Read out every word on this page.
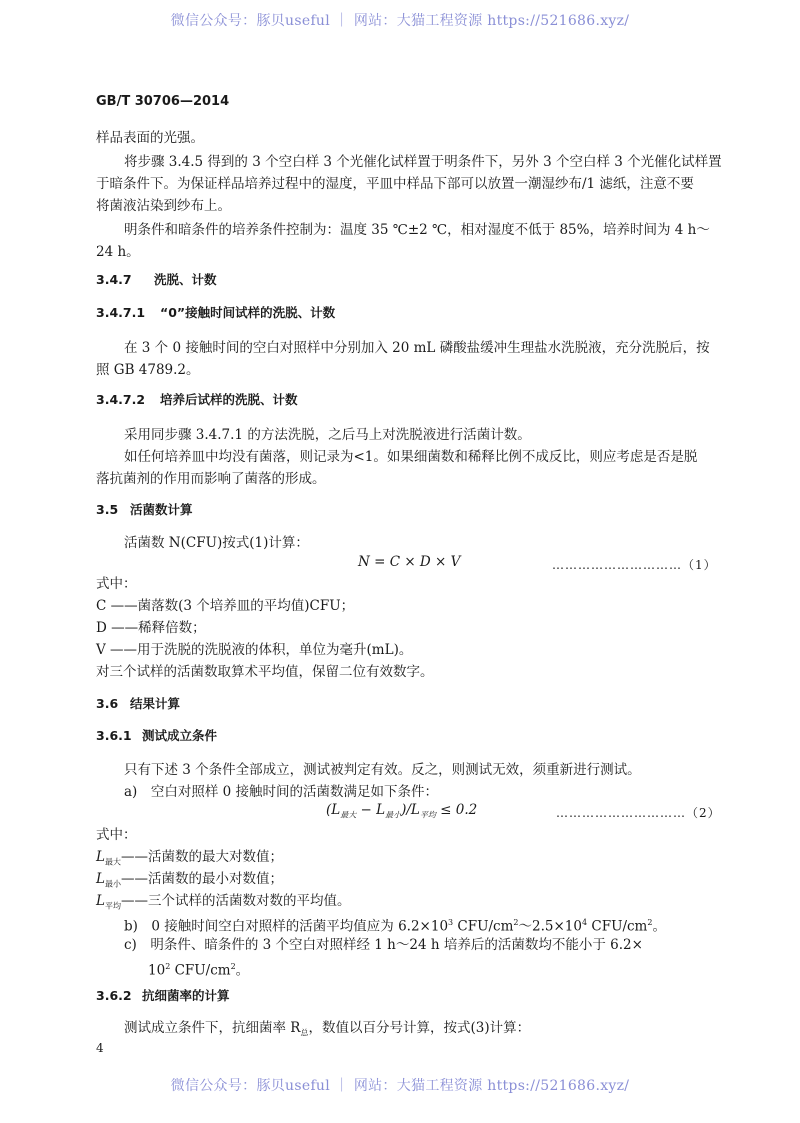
微信公众号：豚贝useful ｜ 网站：大猫工程资源 https://521686.xyz/
GB/T 30706—2014
样品表面的光强。
将步骤 3.4.5 得到的 3 个空白样 3 个光催化试样置于明条件下，另外 3 个空白样 3 个光催化试样置
于暗条件下。为保证样品培养过程中的湿度，平皿中样品下部可以放置一潮湿纱布/1 滤纸，注意不要
将菌液沾染到纱布上。
明条件和暗条件的培养条件控制为：温度 35 ℃±2 ℃，相对湿度不低于 85%，培养时间为 4 h～
24 h。
3.4.7 洗脱、计数
3.4.7.1 “0”接触时间试样的洗脱、计数
在 3 个 0 接触时间的空白对照样中分别加入 20 mL 磷酸盐缓冲生理盐水洗脱液，充分洗脱后，按
照 GB 4789.2。
3.4.7.2 培养后试样的洗脱、计数
采用同步骤 3.4.7.1 的方法洗脱，之后马上对洗脱液进行活菌计数。
如任何培养皿中均没有菌落，则记录为<1。如果细菌数和稀释比例不成反比，则应考虑是否是脱
落抗菌剂的作用而影响了菌落的形成。
3.5 活菌数计算
活菌数 N(CFU)按式(1)计算：
N = C × D × V	…………………………（1）
式中：
C ——菌落数(3 个培养皿的平均值)CFU；
D ——稀释倍数；
V ——用于洗脱的洗脱液的体积，单位为毫升(mL)。
对三个试样的活菌数取算术平均值，保留二位有效数字。
3.6 结果计算
3.6.1 测试成立条件
只有下述 3 个条件全部成立，测试被判定有效。反之，则测试无效，须重新进行测试。
a)　空白对照样 0 接触时间的活菌数满足如下条件：
$(L_{最大} - L_{最小})/L_{平均} \le 0.2$	…………………………（2）
式中：
$L_{最大}——$活菌数的最大对数值；
$L_{最小}——$活菌数的最小对数值；
$L_{平均}——$三个试样的活菌数对数的平均值。
b)　0 接触时间空白对照样的活菌平均值应为 $6.2\times 10^3$ CFU/$cm^2\sim 2.5\times 10^4$ CFU/$cm^2$。
c)　明条件、暗条件的 3 个空白对照样经 1 h～24 h 培养后的活菌数均不能小于 6.2×
$10^2$ CFU/$cm^2$。
3.6.2 抗细菌率的计算
测试成立条件下，抗细菌率 $R_总$，数值以百分号计算，按式(3)计算：
4
微信公众号：豚贝useful ｜ 网站：大猫工程资源 https://521686.xyz/
